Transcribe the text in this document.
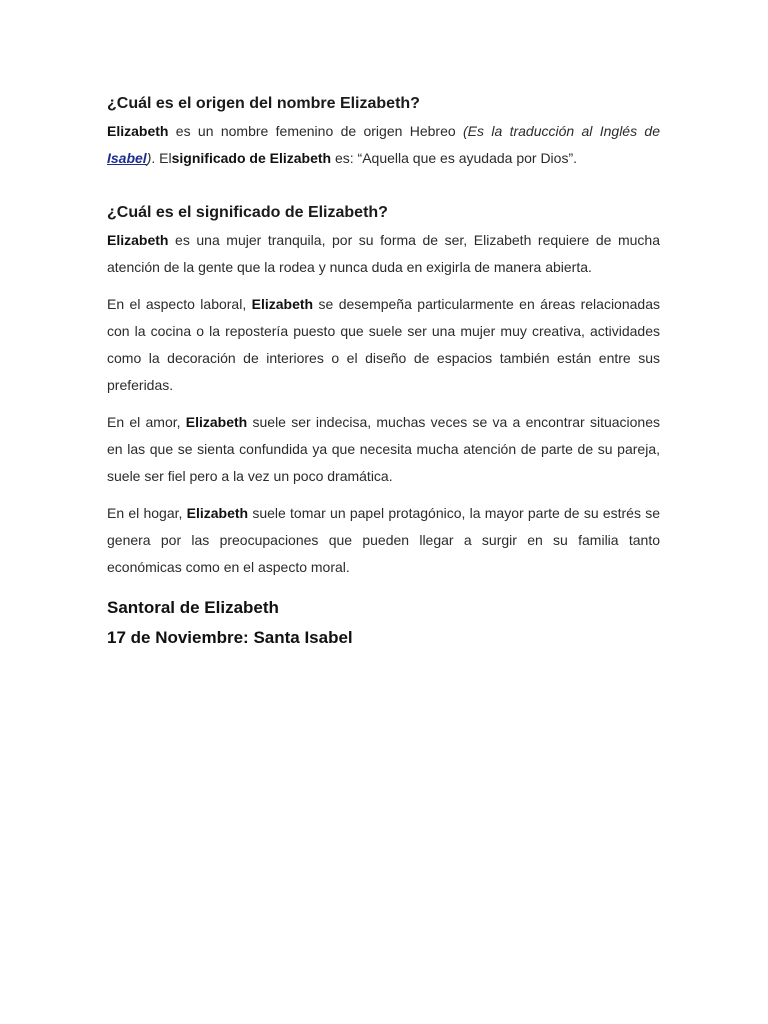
¿Cuál es el origen del nombre Elizabeth?

Elizabeth es un nombre femenino de origen Hebreo (Es la traducción al Inglés de Isabel). Elsignificado de Elizabeth es: “Aquella que es ayudada por Dios”.

¿Cuál es el significado de Elizabeth?

Elizabeth es una mujer tranquila, por su forma de ser, Elizabeth requiere de mucha atención de la gente que la rodea y nunca duda en exigirla de manera abierta.

En el aspecto laboral, Elizabeth se desempeña particularmente en áreas relacionadas con la cocina o la repostería puesto que suele ser una mujer muy creativa, actividades como la decoración de interiores o el diseño de espacios también están entre sus preferidas.

En el amor, Elizabeth suele ser indecisa, muchas veces se va a encontrar situaciones en las que se sienta confundida ya que necesita mucha atención de parte de su pareja, suele ser fiel pero a la vez un poco dramática.

En el hogar, Elizabeth suele tomar un papel protagónico, la mayor parte de su estrés se genera por las preocupaciones que pueden llegar a surgir en su familia tanto económicas como en el aspecto moral.

Santoral de Elizabeth
17 de Noviembre: Santa Isabel
